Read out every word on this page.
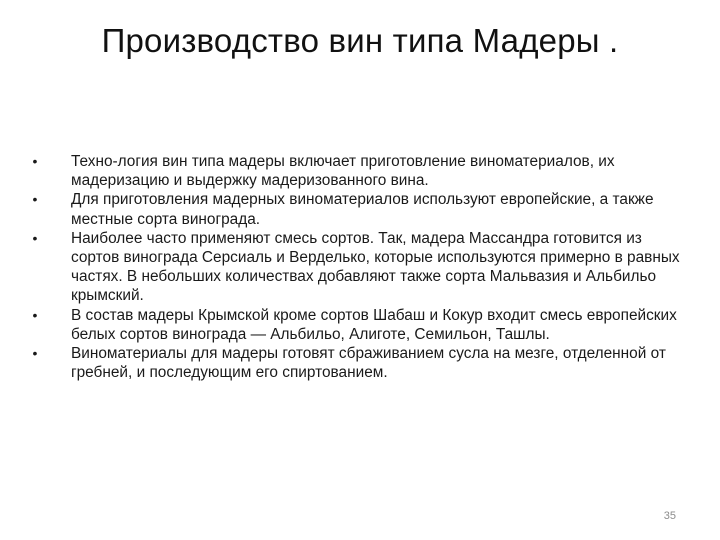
Производство вин типа Мадеры .
• Техно-логия вин типа мадеры включает приготовление виноматериалов, их мадеризацию и выдержку мадеризованного вина.
• Для приготовления мадерных виноматериалов используют европейские, а также местные сорта винограда.
• Наиболее часто применяют смесь сортов. Так, мадера Массандра готовится из сортов винограда Серсиаль и Верделько, которые используются примерно в равных частях. В небольших количествах добавляют также сорта Мальвазия и Альбильо крымский.
• В состав мадеры Крымской кроме сортов Шабаш и Кокур входит смесь европейских белых сортов винограда — Альбильо, Алиготе, Семильон, Ташлы.
• Виноматериалы для мадеры готовят сбраживанием сусла на мезге, отделенной от гребней, и последующим его спиртованием.
35
